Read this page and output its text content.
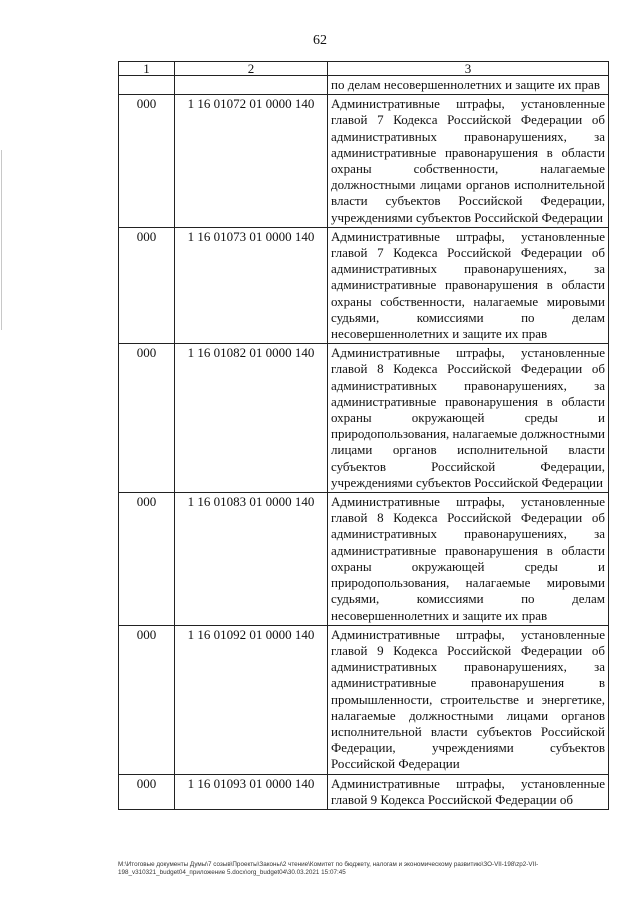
62
1	2	3
		по делам несовершеннолетних и защите их прав
000	1 16 01072 01 0000 140	Административные штрафы, установленные главой 7 Кодекса Российской Федерации об административных правонарушениях, за административные правонарушения в области охраны собственности, налагаемые должностными лицами органов исполнительной власти субъектов Российской Федерации, учреждениями субъектов Российской Федерации
000	1 16 01073 01 0000 140	Административные штрафы, установленные главой 7 Кодекса Российской Федерации об административных правонарушениях, за административные правонарушения в области охраны собственности, налагаемые мировыми судьями, комиссиями по делам несовершеннолетних и защите их прав
000	1 16 01082 01 0000 140	Административные штрафы, установленные главой 8 Кодекса Российской Федерации об административных правонарушениях, за административные правонарушения в области охраны окружающей среды и природопользования, налагаемые должностными лицами органов исполнительной власти субъектов Российской Федерации, учреждениями субъектов Российской Федерации
000	1 16 01083 01 0000 140	Административные штрафы, установленные главой 8 Кодекса Российской Федерации об административных правонарушениях, за административные правонарушения в области охраны окружающей среды и природопользования, налагаемые мировыми судьями, комиссиями по делам несовершеннолетних и защите их прав
000	1 16 01092 01 0000 140	Административные штрафы, установленные главой 9 Кодекса Российской Федерации об административных правонарушениях, за административные правонарушения в промышленности, строительстве и энергетике, налагаемые должностными лицами органов исполнительной власти субъектов Российской Федерации, учреждениями субъектов Российской Федерации
000	1 16 01093 01 0000 140	Административные штрафы, установленные главой 9 Кодекса Российской Федерации об
М:\Итоговые документы Думы\7 созыв\Проекты\Законы\2 чтение\Комитет по бюджету, налогам и экономическому развитию\ЗО-VII-198\zp2-VII-
198_v310321_budget04_приложение 5.docx\org_budget04\30.03.2021 15:07:45
